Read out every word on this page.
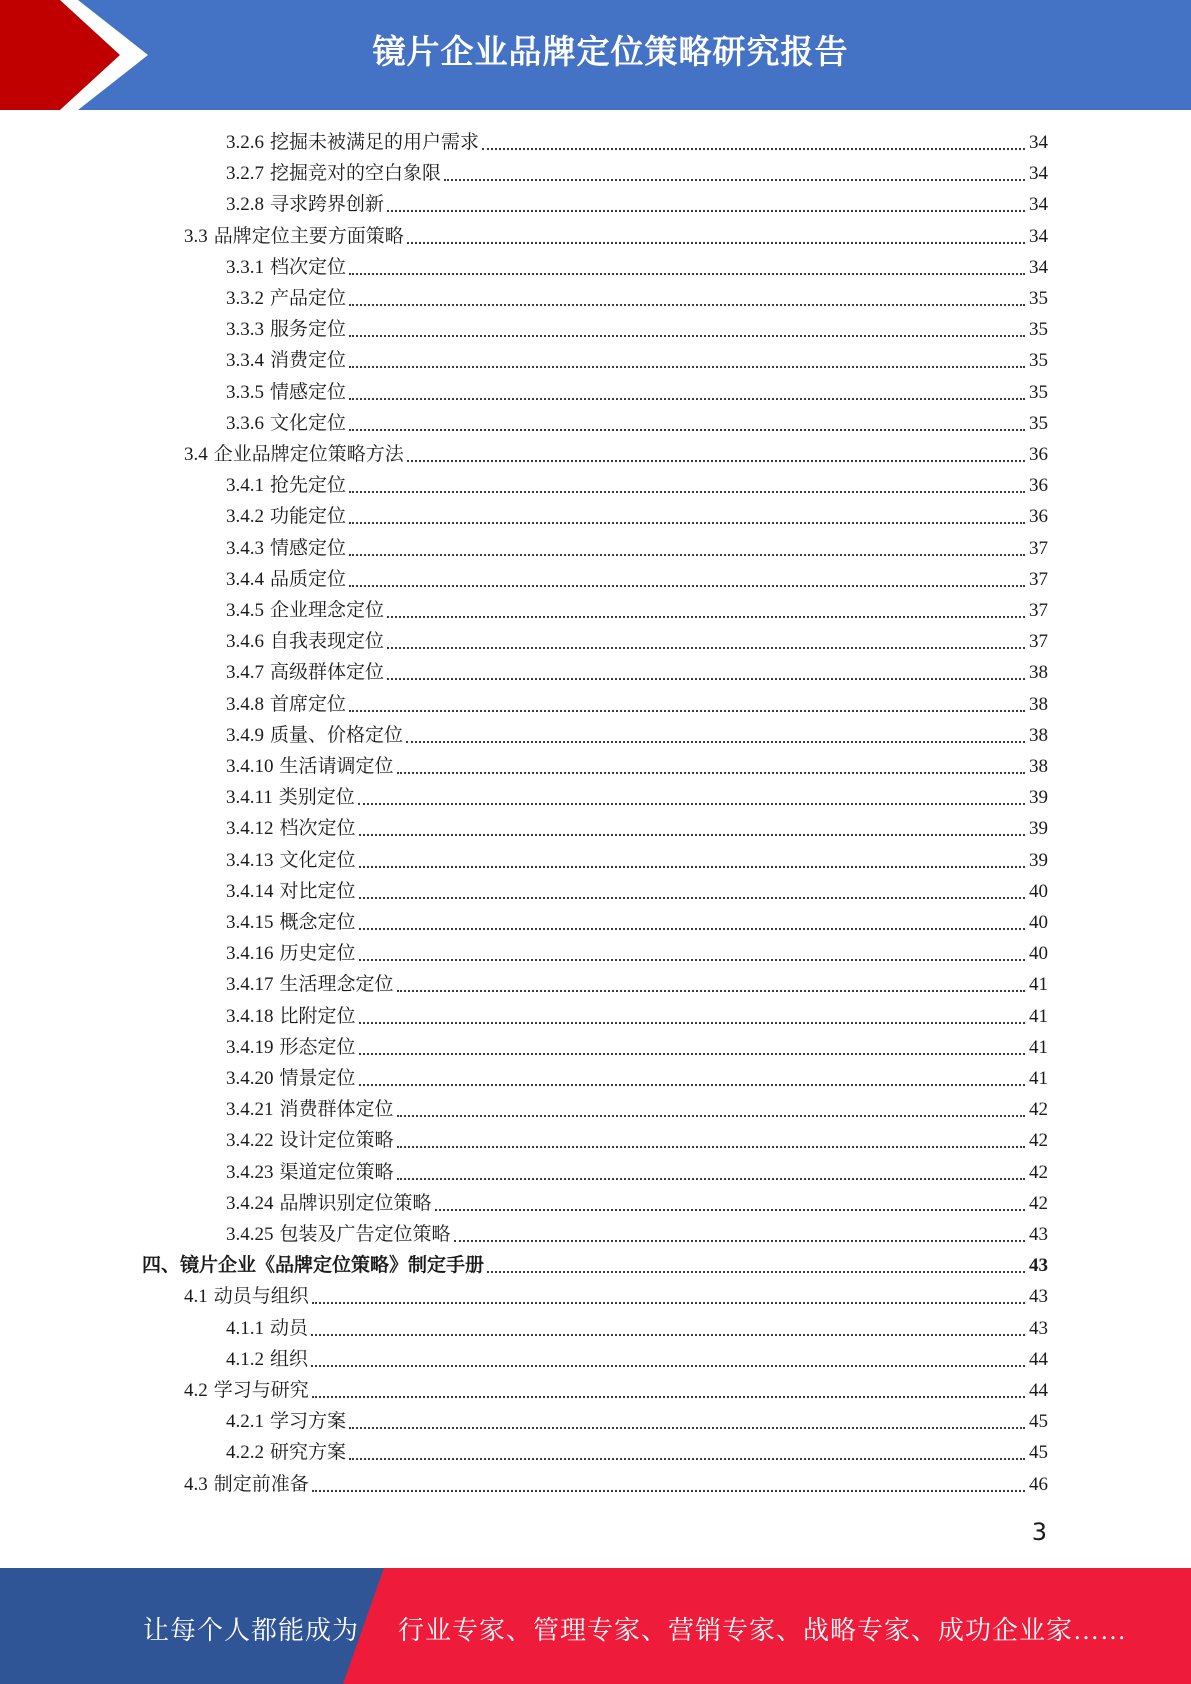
镜片企业品牌定位策略研究报告
3.2.6 挖掘未被满足的用户需求	34
3.2.7 挖掘竞对的空白象限	34
3.2.8 寻求跨界创新	34
3.3 品牌定位主要方面策略	34
3.3.1 档次定位	34
3.3.2 产品定位	35
3.3.3 服务定位	35
3.3.4 消费定位	35
3.3.5 情感定位	35
3.3.6 文化定位	35
3.4 企业品牌定位策略方法	36
3.4.1 抢先定位	36
3.4.2 功能定位	36
3.4.3 情感定位	37
3.4.4 品质定位	37
3.4.5 企业理念定位	37
3.4.6 自我表现定位	37
3.4.7 高级群体定位	38
3.4.8 首席定位	38
3.4.9 质量、价格定位	38
3.4.10 生活请调定位	38
3.4.11 类别定位	39
3.4.12 档次定位	39
3.4.13 文化定位	39
3.4.14 对比定位	40
3.4.15 概念定位	40
3.4.16 历史定位	40
3.4.17 生活理念定位	41
3.4.18 比附定位	41
3.4.19 形态定位	41
3.4.20 情景定位	41
3.4.21 消费群体定位	42
3.4.22 设计定位策略	42
3.4.23 渠道定位策略	42
3.4.24 品牌识别定位策略	42
3.4.25 包装及广告定位策略	43
四、镜片企业《品牌定位策略》制定手册	43
4.1 动员与组织	43
4.1.1 动员	43
4.1.2 组织	44
4.2 学习与研究	44
4.2.1 学习方案	45
4.2.2 研究方案	45
4.3 制定前准备	46
3
让每个人都能成为 行业专家、管理专家、营销专家、战略专家、成功企业家……
